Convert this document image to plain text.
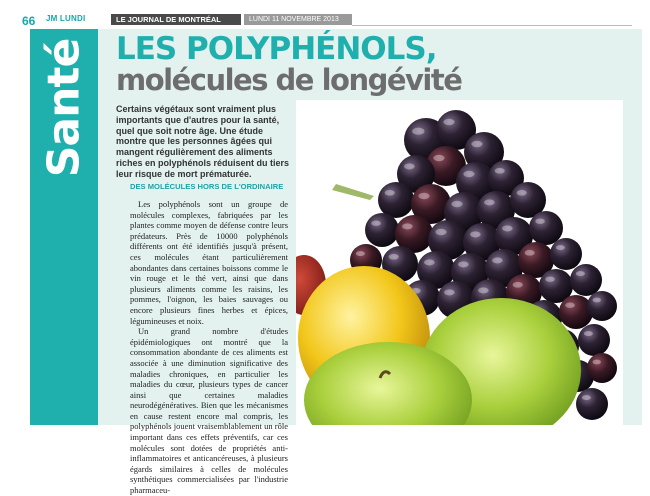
66 JM LUNDI	LE JOURNAL DE MONTRÉAL	LUNDI 11 NOVEMBRE 2013
Santé LES POLYPHÉNOLS,
molécules de longévité
Certains végétaux sont vraiment plus importants que d'autres pour la santé, quel que soit notre âge. Une étude montre que les personnes âgées qui mangent régulièrement des aliments riches en polyphénols réduisent du tiers leur risque de mort prématurée.
DES MOLÉCULES HORS DE L'ORDINAIRE

Les polyphénols sont un groupe de molécules complexes, fabriquées par les plantes comme moyen de défense contre leurs prédateurs. Près de 10000 polyphénols différents ont été identifiés jusqu'à présent, ces molécules étant particulièrement abondantes dans certaines boissons comme le vin rouge et le thé vert, ainsi que dans plusieurs aliments comme les raisins, les pommes, l'oignon, les baies sauvages ou encore plusieurs fines herbes et épices, légumineuses et noix.

Un grand nombre d'études épidémiologiques ont montré que la consommation abondante de ces aliments est associée à une diminution significative des maladies chroniques, en particulier les maladies du cœur, plusieurs types de cancer ainsi que certaines maladies neurodégénératives. Bien que les mécanismes en cause restent encore mal compris, les polyphénols jouent vraisemblablement un rôle important dans ces effets préventifs, car ces molécules sont dotées de propriétés anti-inflammatoires et anticancéreuses, à plusieurs égards similaires à celles de molécules synthétiques commercialisées par l'industrie pharmaceu-
